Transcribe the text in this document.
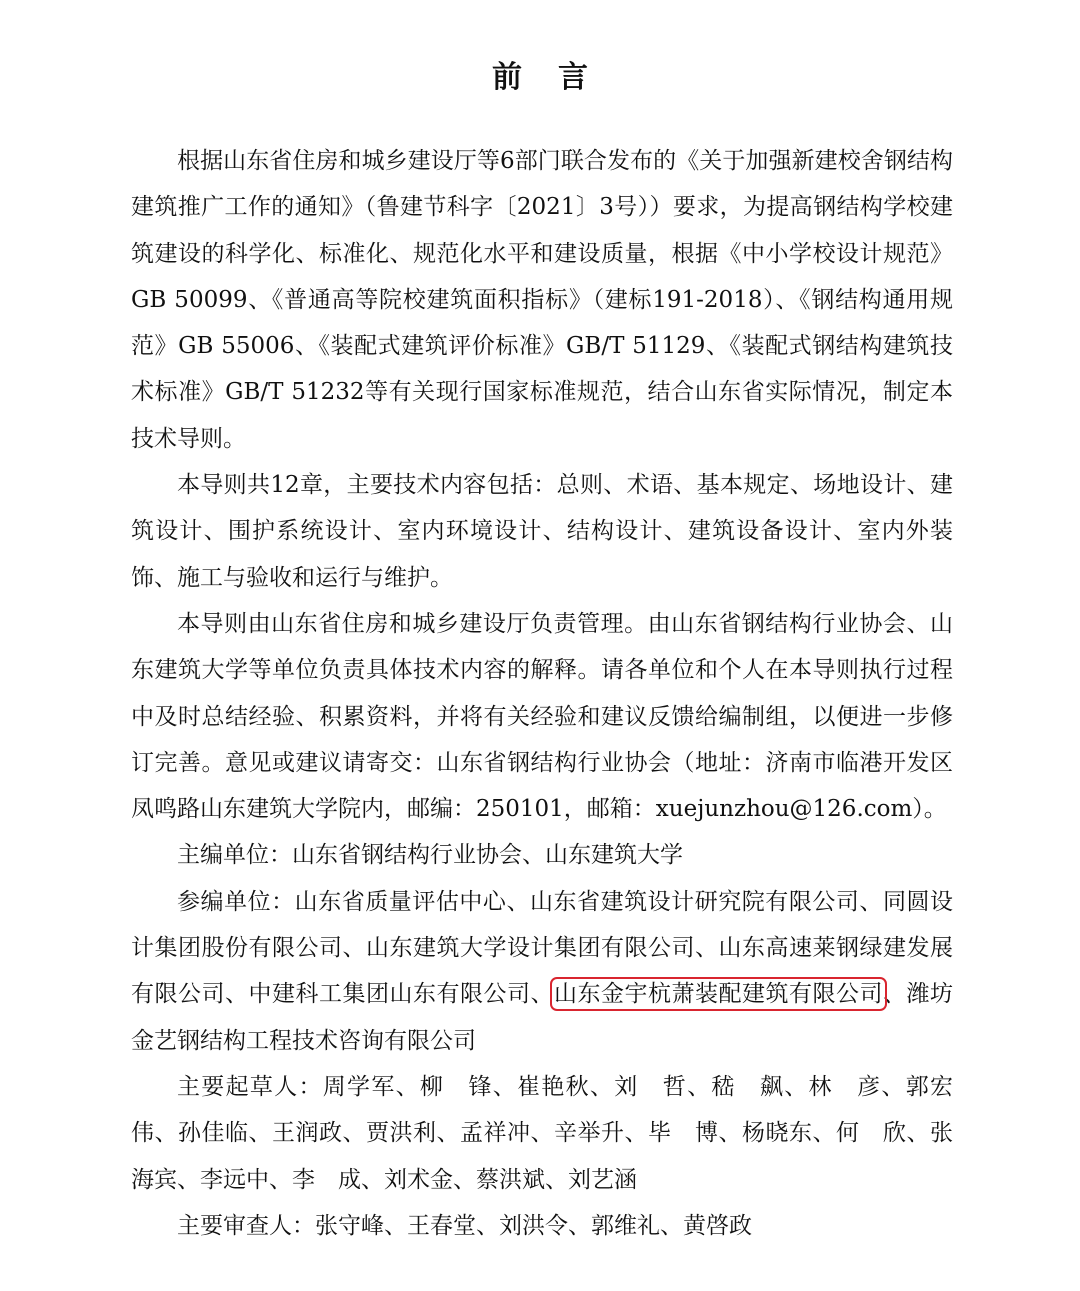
前言

根据山东省住房和城乡建设厅等6部门联合发布的《关于加强新建校舍钢结构建筑推广工作的通知》（鲁建节科字〔2021〕3号））要求，为提高钢结构学校建筑建设的科学化、标准化、规范化水平和建设质量，根据《中小学校设计规范》GB 50099、《普通高等院校建筑面积指标》（建标191-2018）、《钢结构通用规范》GB 55006、《装配式建筑评价标准》GB/T 51129、《装配式钢结构建筑技术标准》GB/T 51232等有关现行国家标准规范，结合山东省实际情况，制定本技术导则。

本导则共12章，主要技术内容包括：总则、术语、基本规定、场地设计、建筑设计、围护系统设计、室内环境设计、结构设计、建筑设备设计、室内外装饰、施工与验收和运行与维护。

本导则由山东省住房和城乡建设厅负责管理。由山东省钢结构行业协会、山东建筑大学等单位负责具体技术内容的解释。请各单位和个人在本导则执行过程中及时总结经验、积累资料，并将有关经验和建议反馈给编制组，以便进一步修订完善。意见或建议请寄交：山东省钢结构行业协会（地址：济南市临港开发区凤鸣路山东建筑大学院内，邮编：250101，邮箱：xuejunzhou@126.com）。

主编单位：山东省钢结构行业协会、山东建筑大学

参编单位：山东省质量评估中心、山东省建筑设计研究院有限公司、同圆设计集团股份有限公司、山东建筑大学设计集团有限公司、山东高速莱钢绿建发展有限公司、中建科工集团山东有限公司、山东金宇杭萧装配建筑有限公司、潍坊金艺钢结构工程技术咨询有限公司

主要起草人：周学军、柳　锋、崔艳秋、刘　哲、嵇　飙、林　彦、郭宏伟、孙佳临、王润政、贾洪利、孟祥冲、辛举升、毕　博、杨晓东、何　欣、张海宾、李远中、李　成、刘术金、蔡洪斌、刘艺涵

主要审查人：张守峰、王春堂、刘洪令、郭维礼、黄啓政
